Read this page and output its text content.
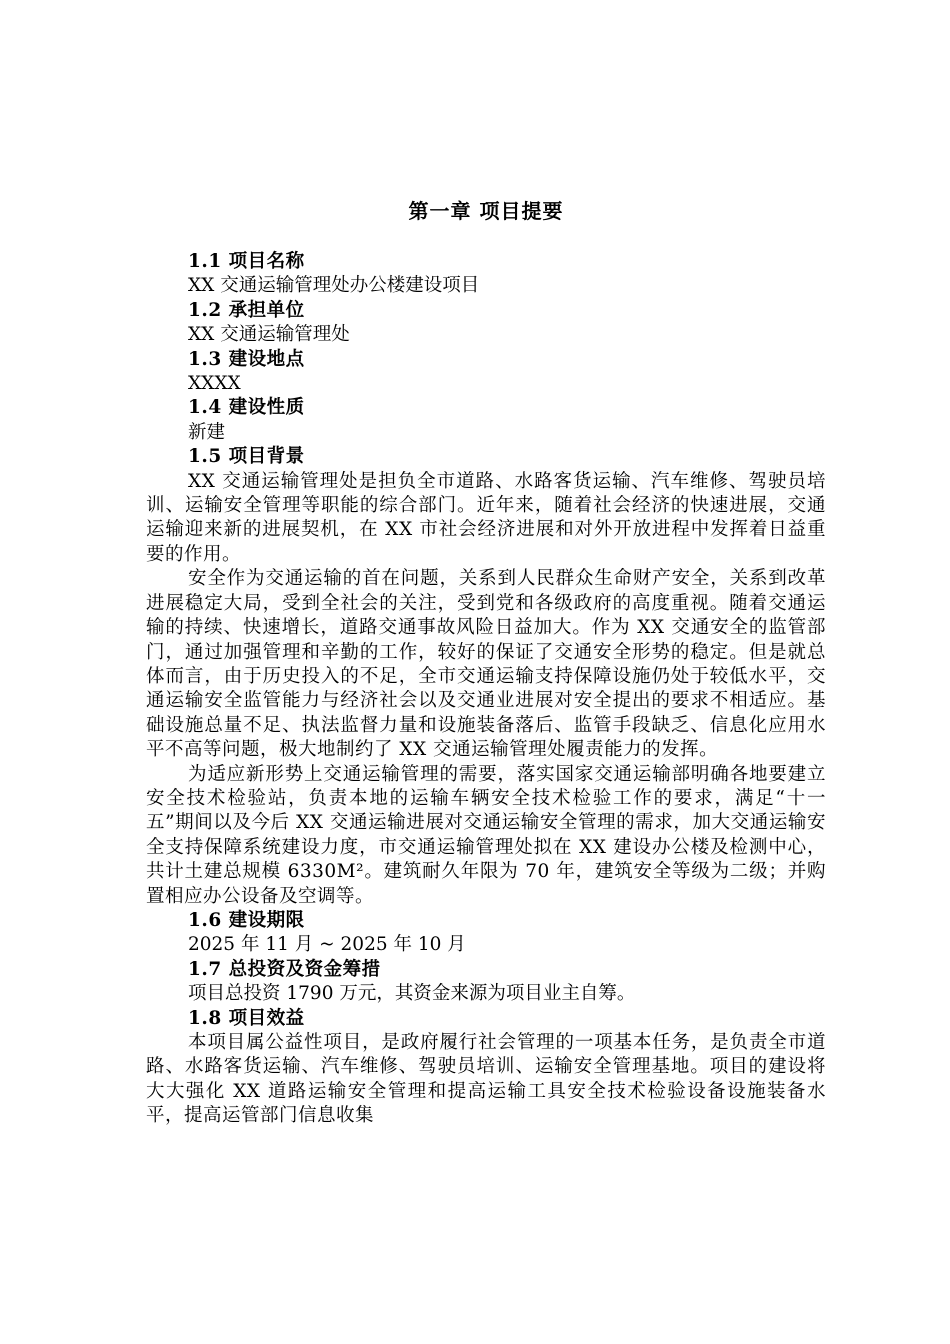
第一章 项目提要
1.1 项目名称
XX 交通运输管理处办公楼建设项目
1.2 承担单位
XX 交通运输管理处
1.3 建设地点
XXXX
1.4 建设性质
新建
1.5 项目背景

XX 交通运输管理处是担负全市道路、水路客货运输、汽车维修、驾驶员培训、运输安全管理等职能的综合部门。近年来，随着社会经济的快速进展，交通运输迎来新的进展契机，在 XX 市社会经济进展和对外开放进程中发挥着日益重要的作用。

安全作为交通运输的首在问题，关系到人民群众生命财产安全，关系到改革进展稳定大局，受到全社会的关注，受到党和各级政府的高度重视。随着交通运输的持续、快速增长，道路交通事故风险日益加大。作为 XX 交通安全的监管部门，通过加强管理和辛勤的工作，较好的保证了交通安全形势的稳定。但是就总体而言，由于历史投入的不足，全市交通运输支持保障设施仍处于较低水平，交通运输安全监管能力与经济社会以及交通业进展对安全提出的要求不相适应。基础设施总量不足、执法监督力量和设施装备落后、监管手段缺乏、信息化应用水平不高等问题，极大地制约了 XX 交通运输管理处履责能力的发挥。

为适应新形势上交通运输管理的需要，落实国家交通运输部明确各地要建立安全技术检验站，负责本地的运输车辆安全技术检验工作的要求，满足“十一五”期间以及今后 XX 交通运输进展对交通运输安全管理的需求，加大交通运输安全支持保障系统建设力度，市交通运输管理处拟在 XX 建设办公楼及检测中心，共计土建总规模 6330M²。建筑耐久年限为 70 年，建筑安全等级为二级；并购置相应办公设备及空调等。

1.6 建设期限
2025 年 11 月 ~ 2025 年 10 月
1.7 总投资及资金筹措
项目总投资 1790 万元，其资金来源为项目业主自筹。
1.8 项目效益

本项目属公益性项目，是政府履行社会管理的一项基本任务，是负责全市道路、水路客货运输、汽车维修、驾驶员培训、运输安全管理基地。项目的建设将大大强化 XX 道路运输安全管理和提高运输工具安全技术检验设备设施装备水平，提高运管部门信息收集
